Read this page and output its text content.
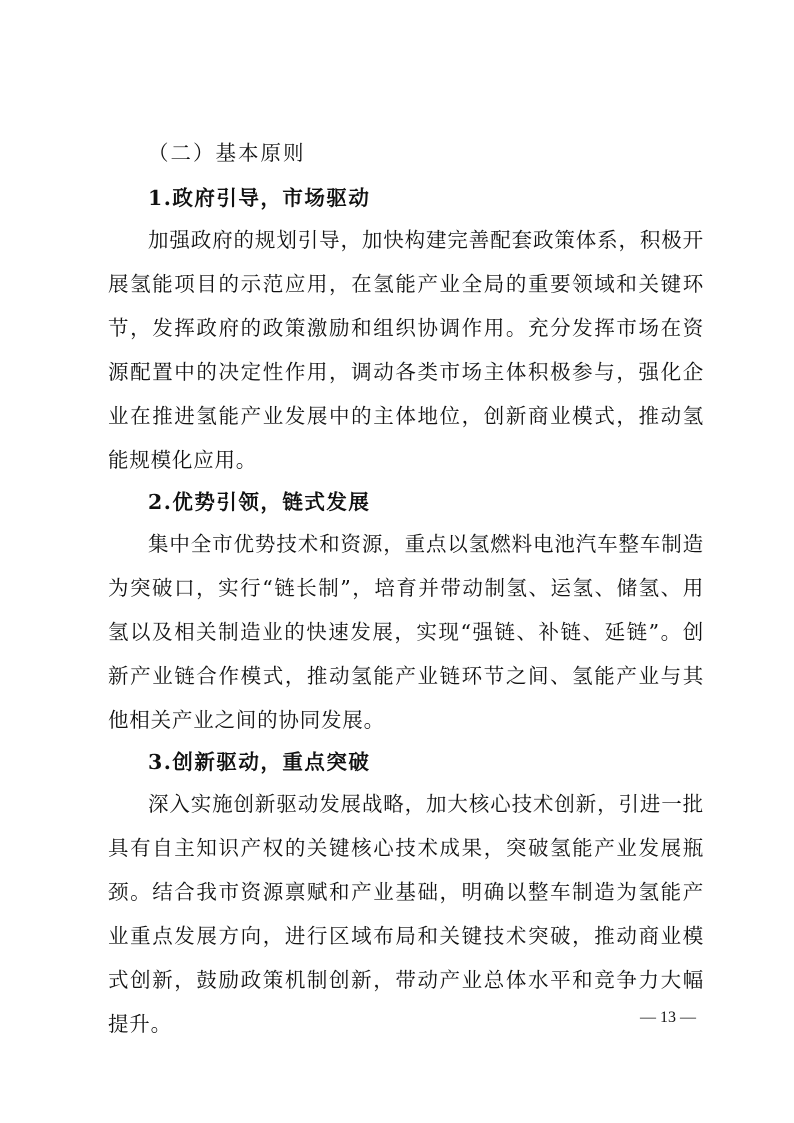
（二）基本原则
1.政府引导，市场驱动

加强政府的规划引导，加快构建完善配套政策体系，积极开展氢能项目的示范应用，在氢能产业全局的重要领域和关键环节，发挥政府的政策激励和组织协调作用。充分发挥市场在资源配置中的决定性作用，调动各类市场主体积极参与，强化企业在推进氢能产业发展中的主体地位，创新商业模式，推动氢能规模化应用。

2.优势引领，链式发展

集中全市优势技术和资源，重点以氢燃料电池汽车整车制造为突破口，实行“链长制”，培育并带动制氢、运氢、储氢、用氢以及相关制造业的快速发展，实现“强链、补链、延链”。创新产业链合作模式，推动氢能产业链环节之间、氢能产业与其他相关产业之间的协同发展。

3.创新驱动，重点突破

深入实施创新驱动发展战略，加大核心技术创新，引进一批具有自主知识产权的关键核心技术成果，突破氢能产业发展瓶颈。结合我市资源禀赋和产业基础，明确以整车制造为氢能产业重点发展方向，进行区域布局和关键技术突破，推动商业模式创新，鼓励政策机制创新，带动产业总体水平和竞争力大幅提升。	— 13 —
